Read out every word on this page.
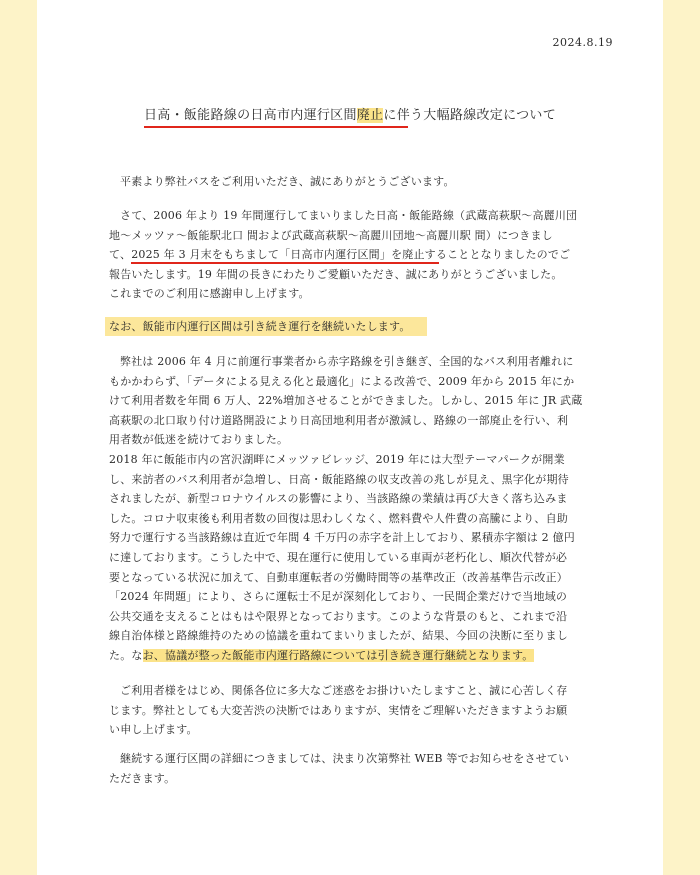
2024.8.19
日高・飯能路線の日高市内運行区間廃止に伴う大幅路線改定について

平素より弊社バスをご利用いただき、誠にありがとうございます。

さて、2006 年より 19 年間運行してまいりました日高・飯能路線（武蔵高萩駅～高麗川団
地～メッツァ～飯能駅北口 間および武蔵高萩駅～高麗川団地～高麗川駅 間）につきまし
て、2025 年 3 月末をもちまして「日高市内運行区間」を廃止することとなりましたのでご
報告いたします。19 年間の長きにわたりご愛顧いただき、誠にありがとうございました。
これまでのご利用に感謝申し上げます。

なお、飯能市内運行区間は引き続き運行を継続いたします。

弊社は 2006 年 4 月に前運行事業者から赤字路線を引き継ぎ、全国的なバス利用者離れに
もかかわらず、「データによる見える化と最適化」による改善で、2009 年から 2015 年にか
けて利用者数を年間 6 万人、22%増加させることができました。しかし、2015 年に JR 武蔵
高萩駅の北口取り付け道路開設により日高団地利用者が激減し、路線の一部廃止を行い、利
用者数が低迷を続けておりました。
2018 年に飯能市内の宮沢湖畔にメッツァビレッジ、2019 年には大型テーマパークが開業
し、来訪者のバス利用者が急増し、日高・飯能路線の収支改善の兆しが見え、黒字化が期待
されましたが、新型コロナウイルスの影響により、当該路線の業績は再び大きく落ち込みま
した。コロナ収束後も利用者数の回復は思わしくなく、燃料費や人件費の高騰により、自助
努力で運行する当該路線は直近で年間 4 千万円の赤字を計上しており、累積赤字額は 2 億円
に達しております。こうした中で、現在運行に使用している車両が老朽化し、順次代替が必
要となっている状況に加えて、自動車運転者の労働時間等の基準改正（改善基準告示改正）
「2024 年問題」により、さらに運転士不足が深刻化しており、一民間企業だけで当地域の
公共交通を支えることはもはや限界となっております。このような背景のもと、これまで沿
線自治体様と路線維持のための協議を重ねてまいりましたが、結果、今回の決断に至りまし
た。なお、協議が整った飯能市内運行路線については引き続き運行継続となります。
ご利用者様をはじめ、関係各位に多大なご迷惑をお掛けいたしますこと、誠に心苦しく存
じます。弊社としても大変苦渋の決断ではありますが、実情をご理解いただきますようお願
い申し上げます。
継続する運行区間の詳細につきましては、決まり次第弊社 WEB 等でお知らせをさせてい
ただきます。
